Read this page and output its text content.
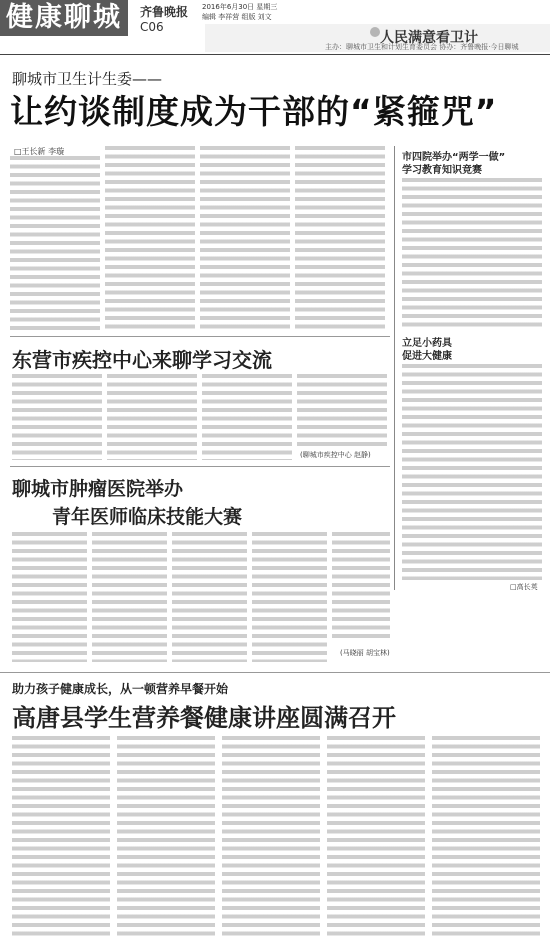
健康聊城	齐鲁晚报
C06
2016年6月30日 星期三
编辑 李祥营 组版 刘文
人民满意看卫计
主办：聊城市卫生和计划生育委员会 协办：齐鲁晚报·今日聊城
聊城市卫生计生委——
让约谈制度成为干部的“紧箍咒”
□王长新 李璇
市四院举办“两学一做”
学习教育知识竞赛
立足小药具
促进大健康
□高长英
东营市疾控中心来聊学习交流
(聊城市疾控中心 赵静)
聊城市肿瘤医院举办
青年医师临床技能大赛
(马晓丽 胡宝林)
助力孩子健康成长，从一顿营养早餐开始
高唐县学生营养餐健康讲座圆满召开
